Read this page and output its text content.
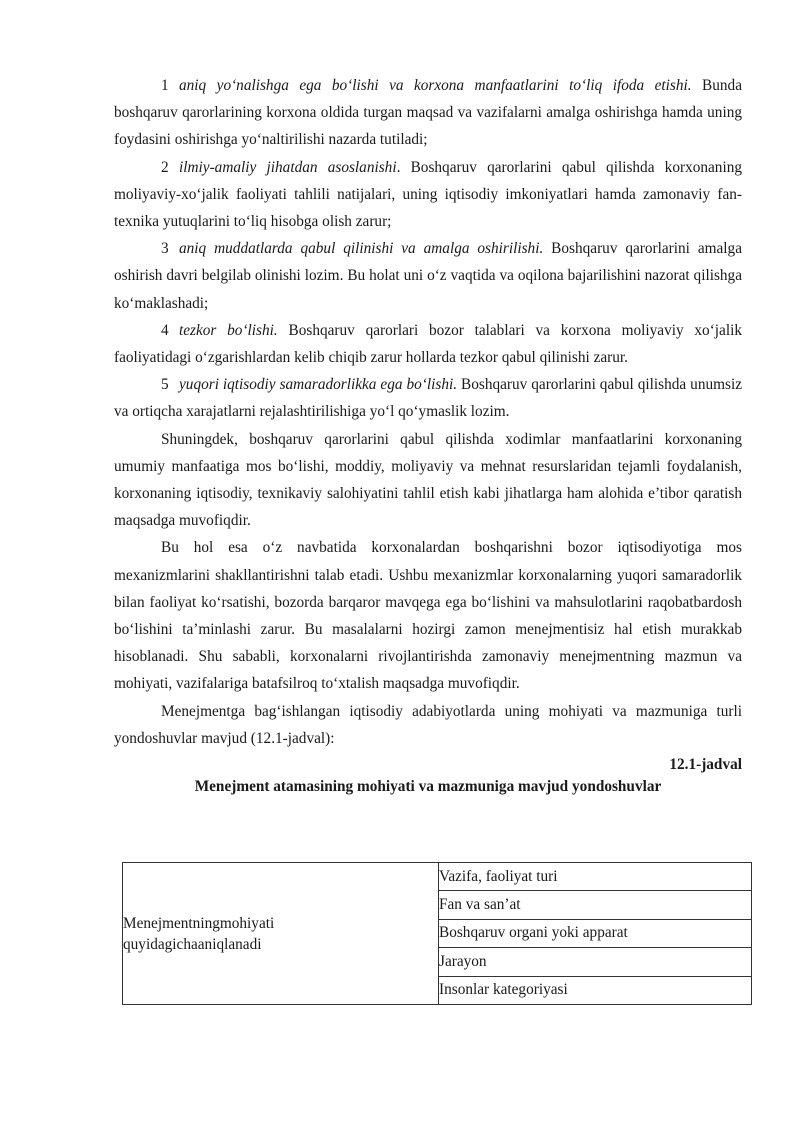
1 aniq yo‘nalishga ega bo‘lishi va korxona manfaatlarini to‘liq ifoda etishi. Bunda boshqaruv qarorlarining korxona oldida turgan maqsad va vazifalarni amalga oshirishga hamda uning foydasini oshirishga yo‘naltirilishi nazarda tutiladi;

2 ilmiy-amaliy jihatdan asoslanishi. Boshqaruv qarorlarini qabul qilishda korxonaning moliyaviy-xo‘jalik faoliyati tahlili natijalari, uning iqtisodiy imkoniyatlari hamda zamonaviy fan-texnika yutuqlarini to‘liq hisobga olish zarur;

3 aniq muddatlarda qabul qilinishi va amalga oshirilishi. Boshqaruv qarorlarini amalga oshirish davri belgilab olinishi lozim. Bu holat uni o‘z vaqtida va oqilona bajarilishini nazorat qilishga ko‘maklashadi;

4 tezkor bo‘lishi. Boshqaruv qarorlari bozor talablari va korxona moliyaviy xo‘jalik faoliyatidagi o‘zgarishlardan kelib chiqib zarur hollarda tezkor qabul qilinishi zarur.

5 yuqori iqtisodiy samaradorlikka ega bo‘lishi. Boshqaruv qarorlarini qabul qilishda unumsiz va ortiqcha xarajatlarni rejalashtirilishiga yo‘l qo‘ymaslik lozim.

Shuningdek, boshqaruv qarorlarini qabul qilishda xodimlar manfaatlarini korxonaning umumiy manfaatiga mos bo‘lishi, moddiy, moliyaviy va mehnat resurslaridan tejamli foydalanish, korxonaning iqtisodiy, texnikaviy salohiyatini tahlil etish kabi jihatlarga ham alohida e’tibor qaratish maqsadga muvofiqdir.

Bu hol esa o‘z navbatida korxonalardan boshqarishni bozor iqtisodiyotiga mos mexanizmlarini shakllantirishni talab etadi. Ushbu mexanizmlar korxonalarning yuqori samaradorlik bilan faoliyat ko‘rsatishi, bozorda barqaror mavqega ega bo‘lishini va mahsulotlarini raqobatbardosh bo‘lishini ta’minlashi zarur. Bu masalalarni hozirgi zamon menejmentisiz hal etish murakkab hisoblanadi. Shu sababli, korxonalarni rivojlantirishda zamonaviy menejmentning mazmun va mohiyati, vazifalariga batafsilroq to‘xtalish maqsadga muvofiqdir.

Menejmentga bag‘ishlangan iqtisodiy adabiyotlarda uning mohiyati va mazmuniga turli yondoshuvlar mavjud (12.1-jadval):

12.1-jadval
Menejment atamasining mohiyati va mazmuniga mavjud yondoshuvlar
Menejmentningmohiyati
quyidagichaaniqlanadi
	Vazifa, faoliyat turi
Fan va san’at
Boshqaruv organi yoki apparat
Jarayon
Insonlar kategoriyasi
